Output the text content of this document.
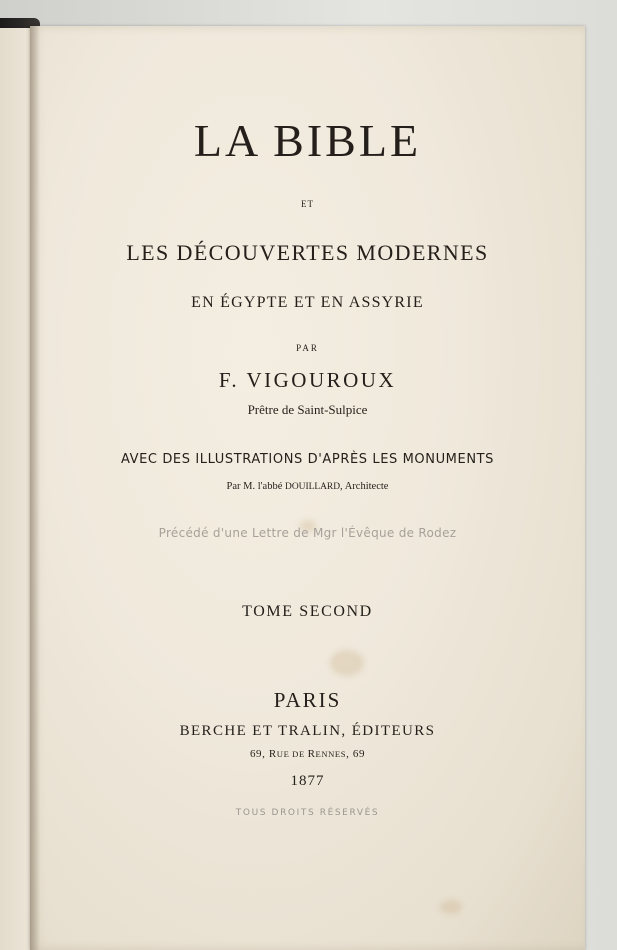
LA BIBLE
ET
LES DÉCOUVERTES MODERNES
EN ÉGYPTE ET EN ASSYRIE
PAR
F. VIGOUROUX
Prêtre de Saint-Sulpice
AVEC DES ILLUSTRATIONS D'APRÈS LES MONUMENTS
Par M. l'abbé DOUILLARD, Architecte
Précédé d'une Lettre de Mgr l'Évêque de Rodez
TOME SECOND
PARIS
BERCHE ET TRALIN, ÉDITEURS
69, RUE DE RENNES, 69
1877
TOUS DROITS RÉSERVÉS
